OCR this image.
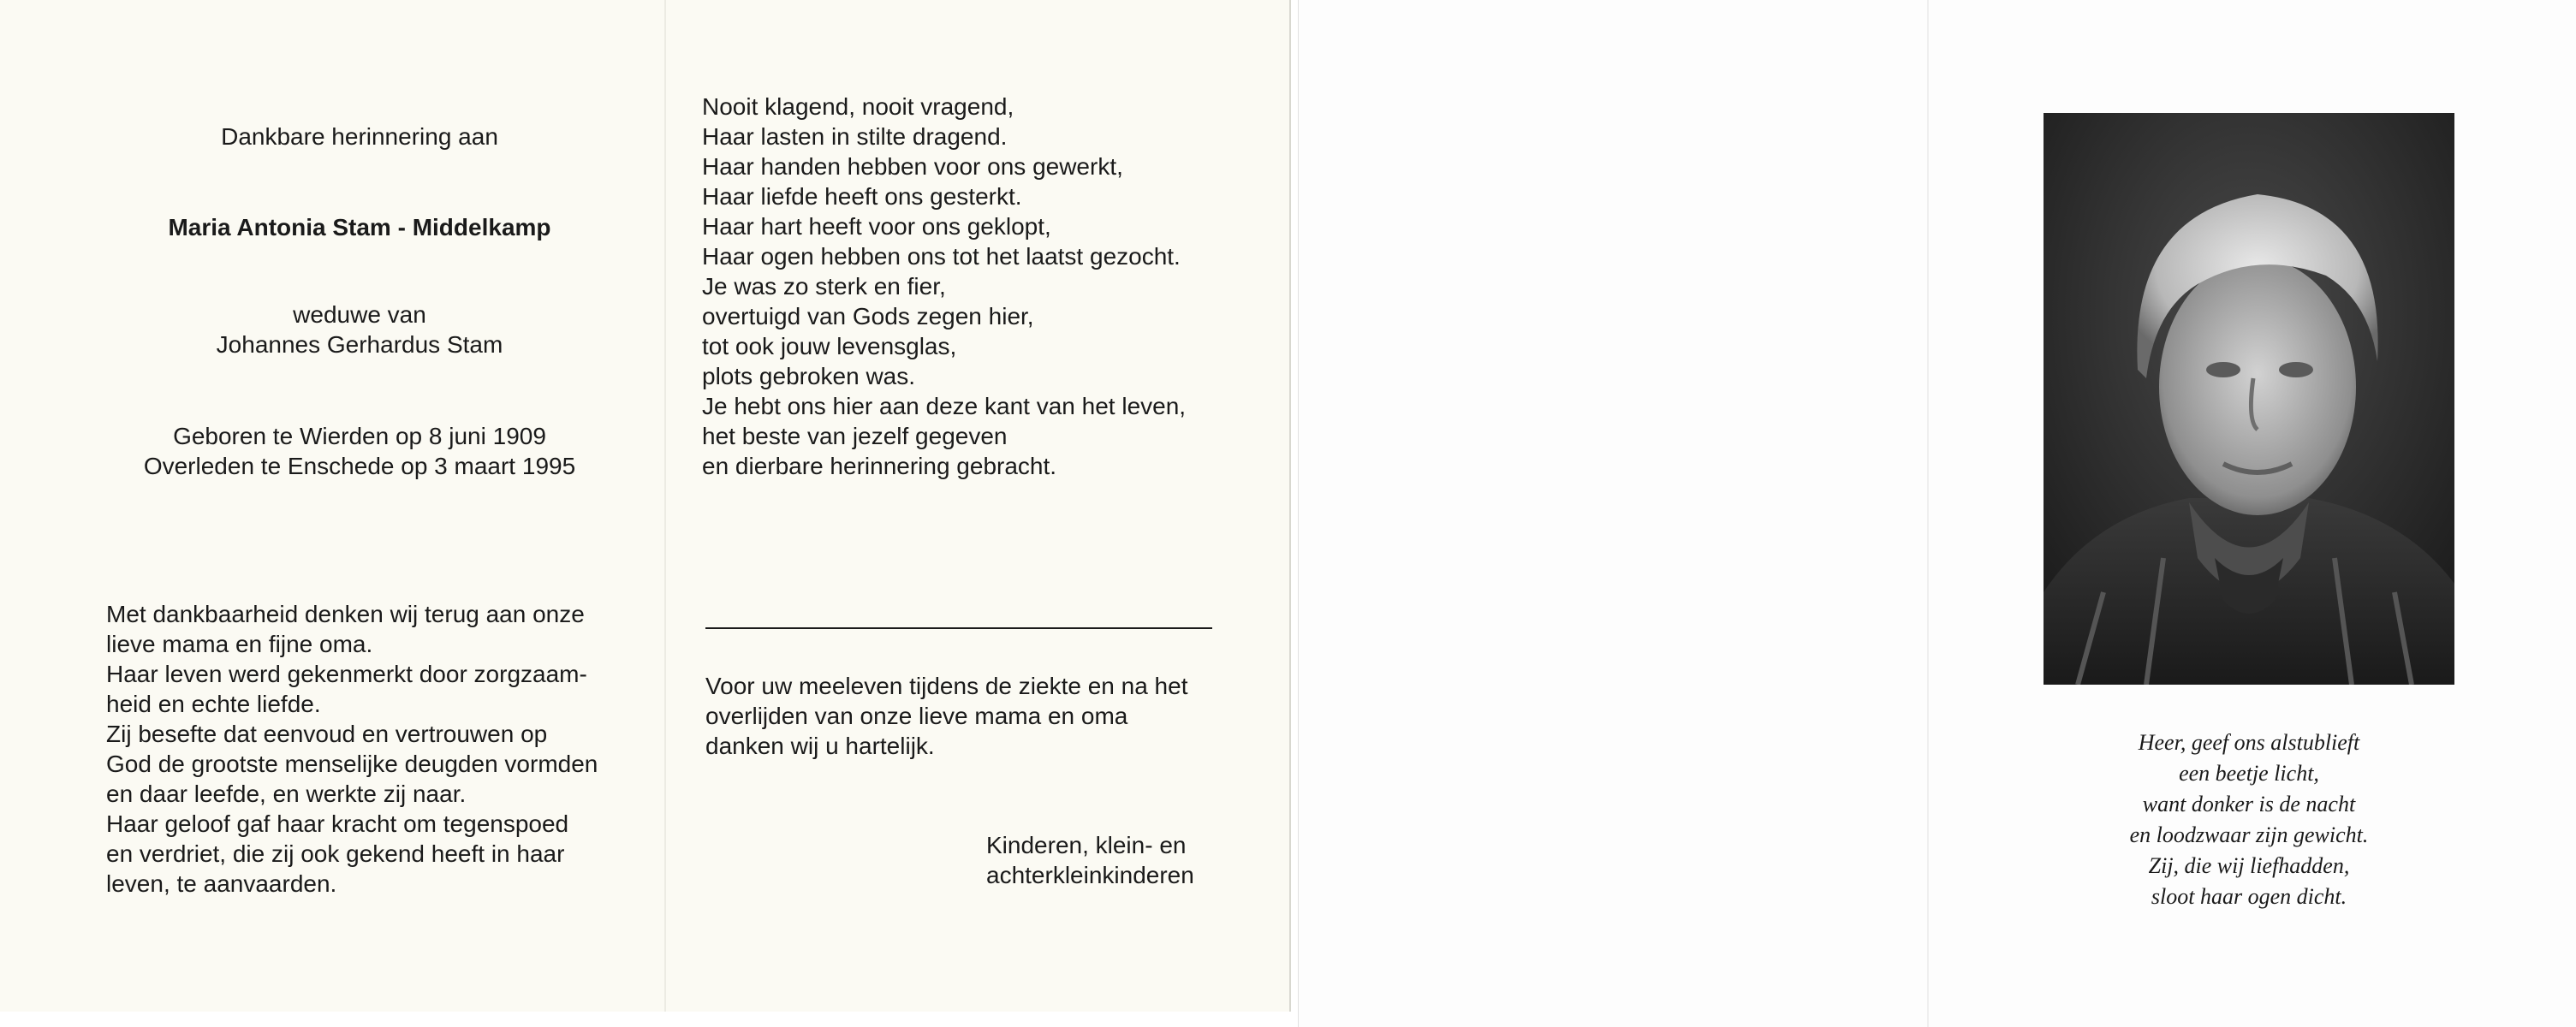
Dankbare herinnering aan
Maria Antonia Stam - Middelkamp
weduwe van
Johannes Gerhardus Stam
Geboren te Wierden op 8 juni 1909
Overleden te Enschede op 3 maart 1995
Met dankbaarheid denken wij terug aan onze
lieve mama en fijne oma.
Haar leven werd gekenmerkt door zorgzaam-
heid en echte liefde.
Zij besefte dat eenvoud en vertrouwen op
God de grootste menselijke deugden vormden
en daar leefde, en werkte zij naar.
Haar geloof gaf haar kracht om tegenspoed
en verdriet, die zij ook gekend heeft in haar
leven, te aanvaarden.
Nooit klagend, nooit vragend,
Haar lasten in stilte dragend.
Haar handen hebben voor ons gewerkt,
Haar liefde heeft ons gesterkt.
Haar hart heeft voor ons geklopt,
Haar ogen hebben ons tot het laatst gezocht.
Je was zo sterk en fier,
overtuigd van Gods zegen hier,
tot ook jouw levensglas,
plots gebroken was.
Je hebt ons hier aan deze kant van het leven,
het beste van jezelf gegeven
en dierbare herinnering gebracht.
Voor uw meeleven tijdens de ziekte en na het
overlijden van onze lieve mama en oma
danken wij u hartelijk.
Kinderen, klein- en
achterkleinkinderen
Heer, geef ons alstublieft
een beetje licht,
want donker is de nacht
en loodzwaar zijn gewicht.
Zij, die wij liefhadden,
sloot haar ogen dicht.
